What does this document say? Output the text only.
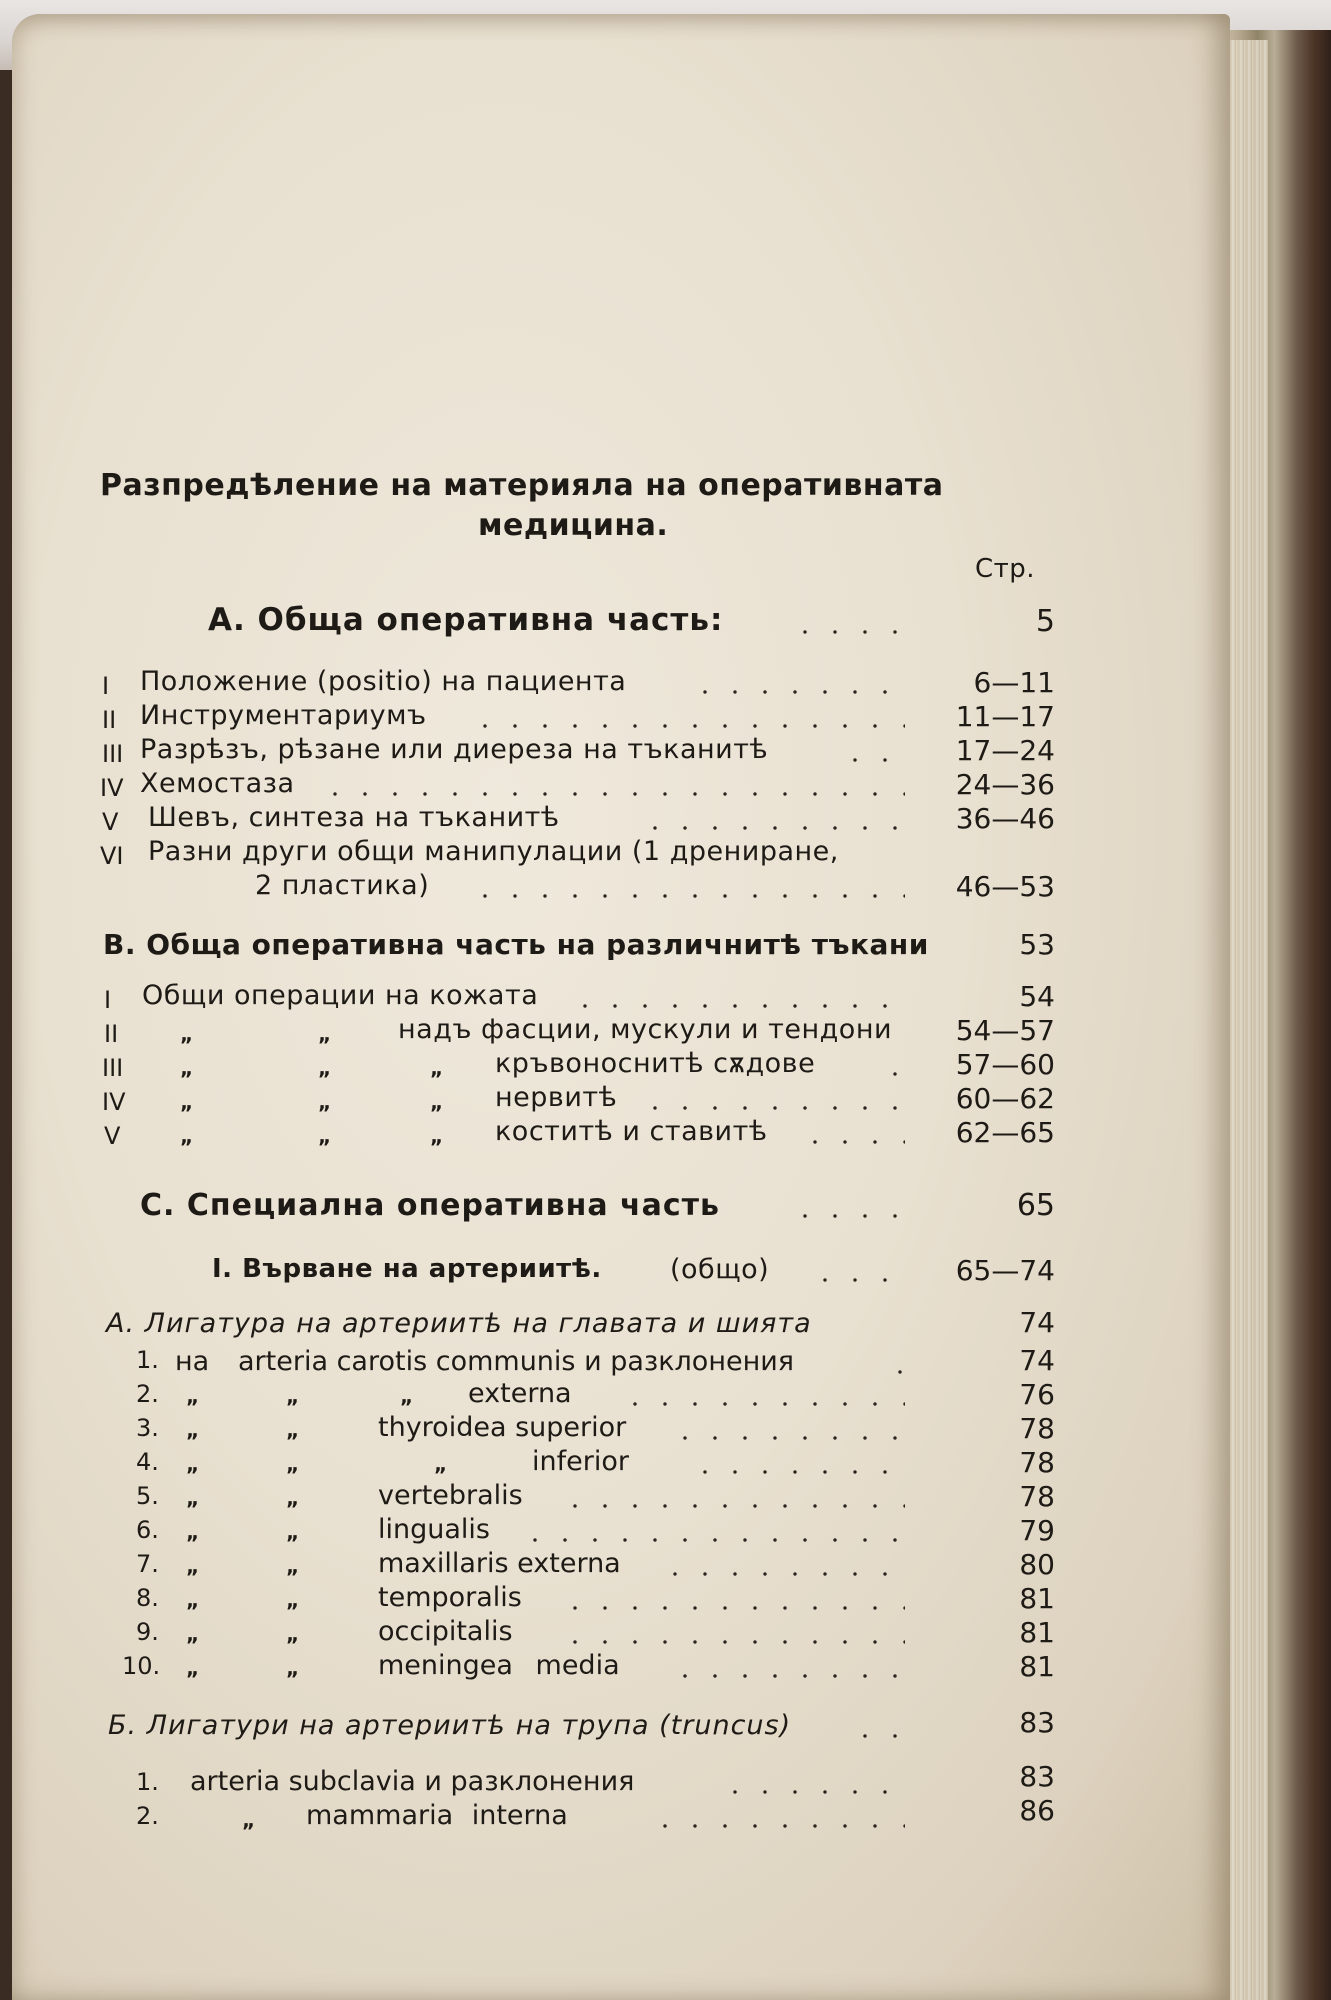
Разпредѣление на материяла на оперативната
медицина.
Стр.
А. Обща оперативна часть:	5
I Положение (positio) на пациента	6—11
II Инструментариумъ	11—17
III Разрѣзъ, рѣзане или диереза на тъканитѣ	17—24
IV Хемостаза	24—36
V Шевъ, синтеза на тъканитѣ	36—46
VI Разни други общи манипулации (1 дрениране,
2 пластика)	46—53
В. Обща оперативна часть на различнитѣ тъкани	53
I Общи операции на кожата	54
II	„	„ надъ фасции, мускули и тендони	54—57
III	„	„	„ кръвоноснитѣ сѫдове	57—60
IV	„	„	„ нервитѣ	60—62
V	„	„	„ коститѣ и ставитѣ	62—65
С. Специална оперативна часть	65
I. Върване на артериитѣ.	(общо)	65—74
А. Лигатура на артериитѣ на главата и шията	74
1. на arteria carotis communis и разклонения	74
2. „	„	„ externa	76
3. „	„	thyroidea superior	78
4. „	„	„	inferior	78
5. „	„	vertebralis	78
6. „	„	lingualis	79
7. „	„	maxillaris externa	80
8. „	„	temporalis	81
9. „	„	occipitalis	81
10. „	„	meningea media	81
Б. Лигатури на артериитѣ на трупа (truncus)	83
1. arteria subclavia и разклонения	83
2.	„ mammaria interna	86
